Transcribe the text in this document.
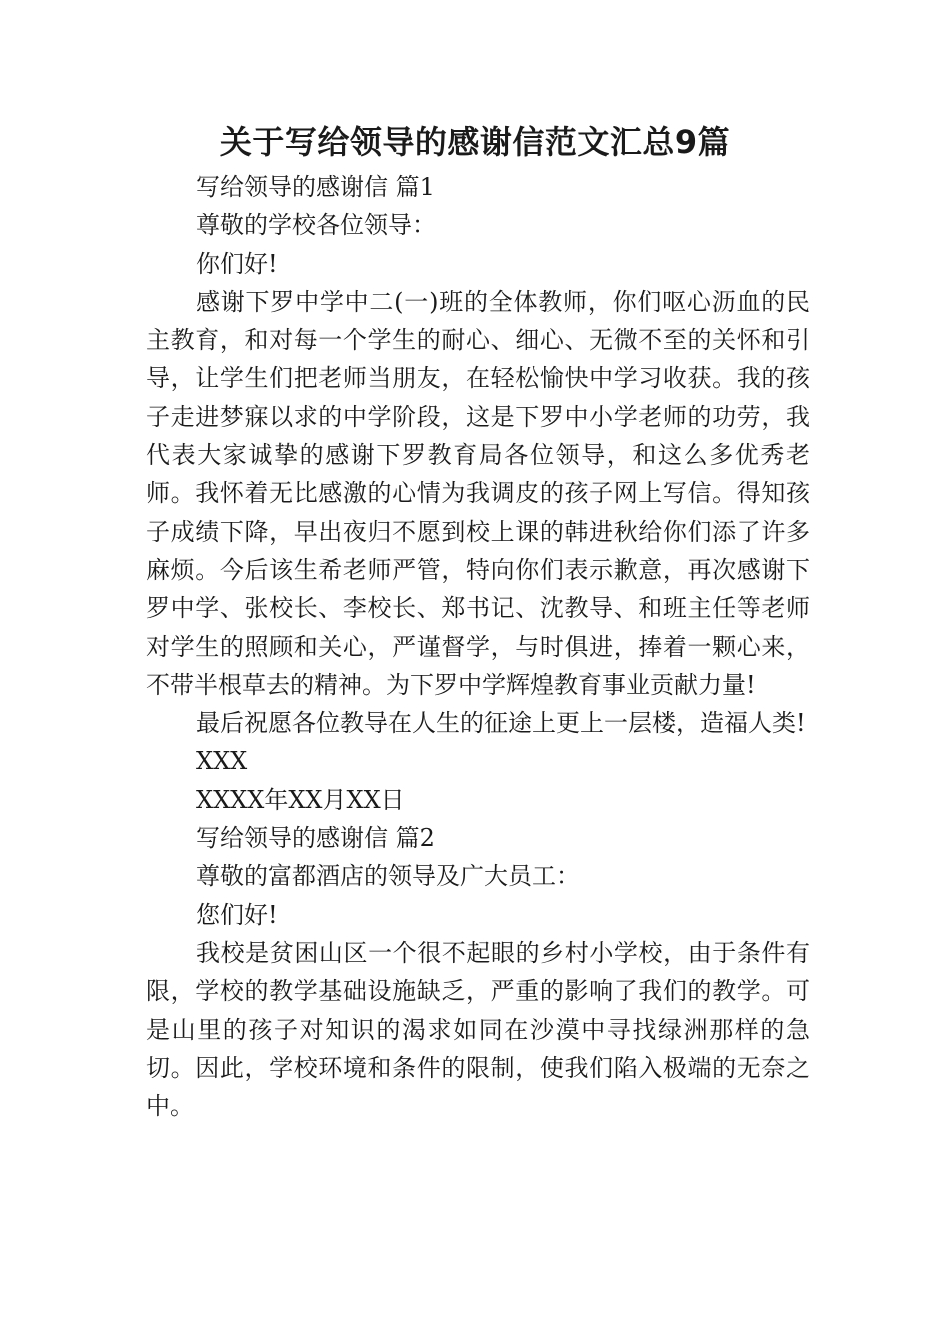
关于写给领导的感谢信范文汇总9篇

写给领导的感谢信 篇1

尊敬的学校各位领导：

你们好!

感谢下罗中学中二(一)班的全体教师，你们呕心沥血的民主教育，和对每一个学生的耐心、细心、无微不至的关怀和引导，让学生们把老师当朋友，在轻松愉快中学习收获。我的孩子走进梦寐以求的中学阶段，这是下罗中小学老师的功劳，我代表大家诚挚的感谢下罗教育局各位领导，和这么多优秀老师。我怀着无比感激的心情为我调皮的孩子网上写信。得知孩子成绩下降，早出夜归不愿到校上课的韩进秋给你们添了许多麻烦。今后该生希老师严管，特向你们表示歉意，再次感谢下罗中学、张校长、李校长、郑书记、沈教导、和班主任等老师对学生的照顾和关心，严谨督学，与时俱进，捧着一颗心来，不带半根草去的精神。为下罗中学辉煌教育事业贡献力量!

最后祝愿各位教导在人生的征途上更上一层楼，造福人类!

XXX

XXXX年XX月XX日

写给领导的感谢信 篇2

尊敬的富都酒店的领导及广大员工：

您们好!

我校是贫困山区一个很不起眼的乡村小学校，由于条件有限，学校的教学基础设施缺乏，严重的影响了我们的教学。可是山里的孩子对知识的渴求如同在沙漠中寻找绿洲那样的急切。因此，学校环境和条件的限制，使我们陷入极端的无奈之中。
